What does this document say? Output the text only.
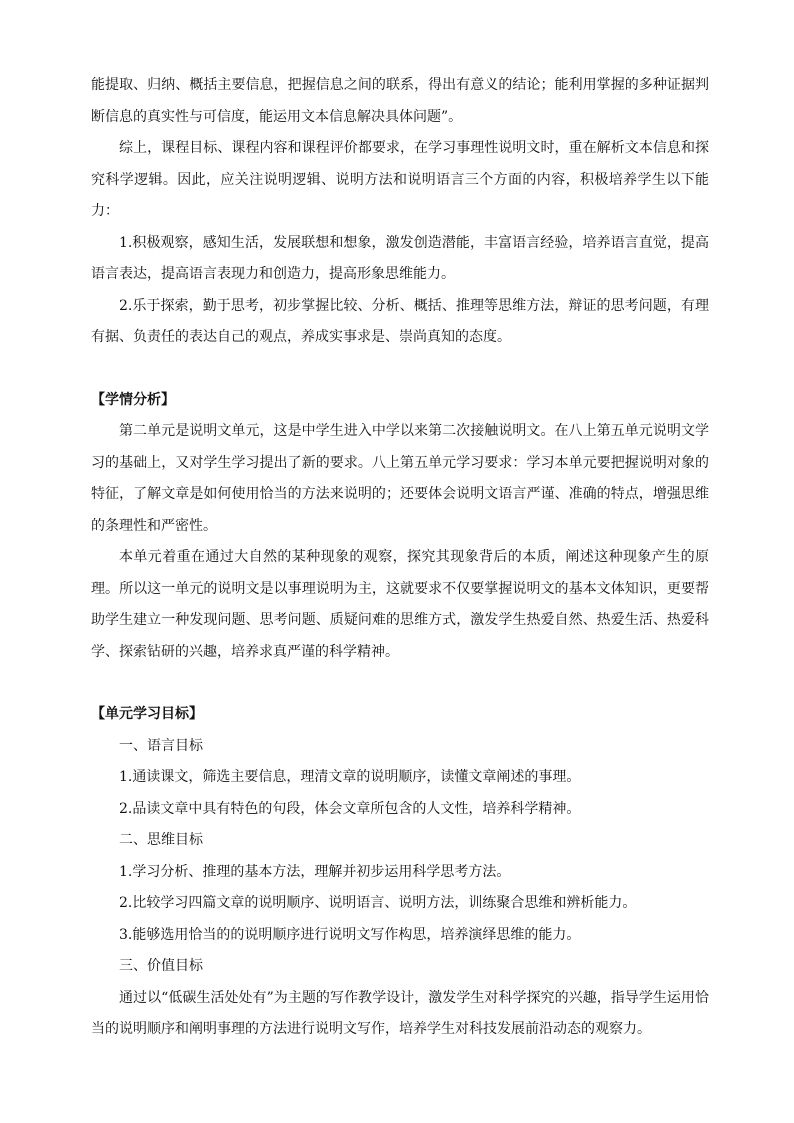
能提取、归纳、概括主要信息，把握信息之间的联系，得出有意义的结论；能利用掌握的多种证据判断信息的真实性与可信度，能运用文本信息解决具体问题”。

综上，课程目标、课程内容和课程评价都要求，在学习事理性说明文时，重在解析文本信息和探究科学逻辑。因此，应关注说明逻辑、说明方法和说明语言三个方面的内容，积极培养学生以下能力：

1.积极观察，感知生活，发展联想和想象，激发创造潜能，丰富语言经验，培养语言直觉，提高语言表达，提高语言表现力和创造力，提高形象思维能力。

2.乐于探索，勤于思考，初步掌握比较、分析、概括、推理等思维方法，辩证的思考问题，有理有据、负责任的表达自己的观点，养成实事求是、崇尚真知的态度。

【学情分析】

第二单元是说明文单元，这是中学生进入中学以来第二次接触说明文。在八上第五单元说明文学习的基础上，又对学生学习提出了新的要求。八上第五单元学习要求：学习本单元要把握说明对象的特征，了解文章是如何使用恰当的方法来说明的；还要体会说明文语言严谨、准确的特点，增强思维的条理性和严密性。

本单元着重在通过大自然的某种现象的观察，探究其现象背后的本质，阐述这种现象产生的原理。所以这一单元的说明文是以事理说明为主，这就要求不仅要掌握说明文的基本文体知识，更要帮助学生建立一种发现问题、思考问题、质疑问难的思维方式，激发学生热爱自然、热爱生活、热爱科学、探索钻研的兴趣，培养求真严谨的科学精神。

【单元学习目标】

一、语言目标

1.通读课文，筛选主要信息，理清文章的说明顺序，读懂文章阐述的事理。

2.品读文章中具有特色的句段，体会文章所包含的人文性，培养科学精神。

二、思维目标

1.学习分析、推理的基本方法，理解并初步运用科学思考方法。

2.比较学习四篇文章的说明顺序、说明语言、说明方法，训练聚合思维和辨析能力。

3.能够选用恰当的的说明顺序进行说明文写作构思，培养演绎思维的能力。

三、价值目标

通过以“低碳生活处处有”为主题的写作教学设计，激发学生对科学探究的兴趣，指导学生运用恰当的说明顺序和阐明事理的方法进行说明文写作，培养学生对科技发展前沿动态的观察力。
